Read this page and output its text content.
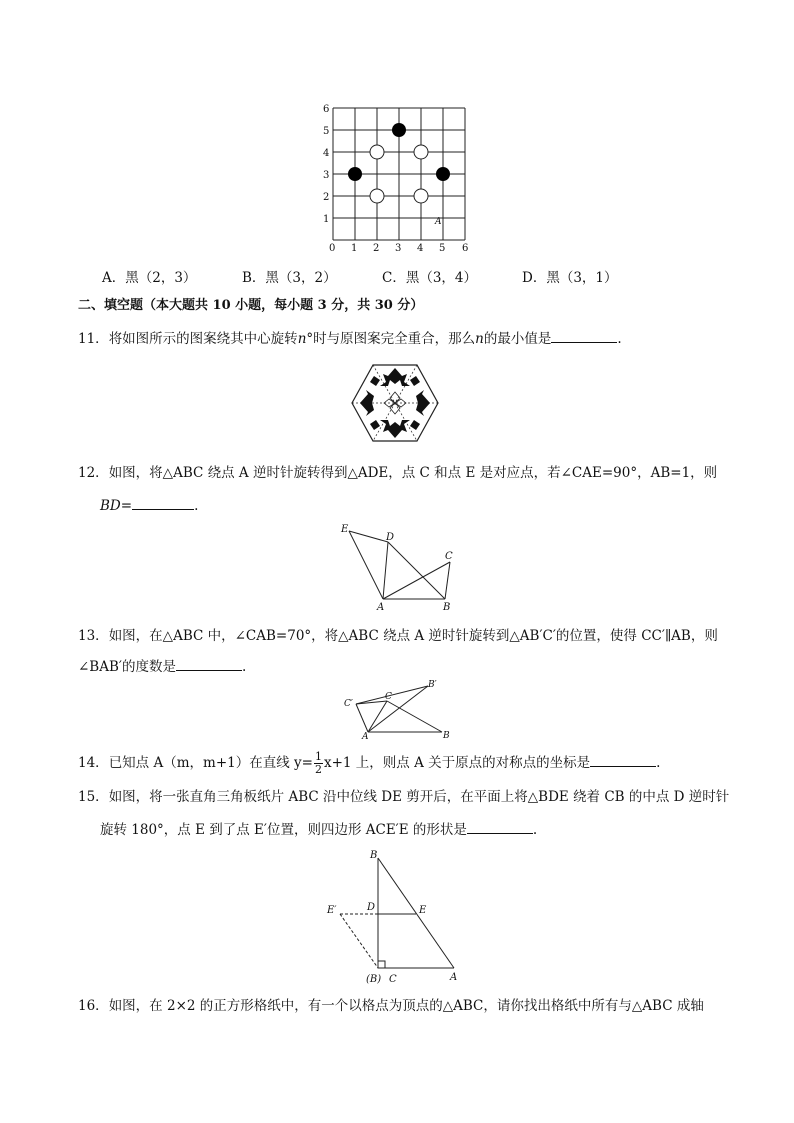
0 1 2 3 4 5 6
1
2
3
4
5
6
A
A．黑（2，3）	B．黑（3，2）	C．黑（3，4）	D．黑（3，1）
二、填空题（本大题共 10 小题，每小题 3 分，共 30 分）
11．将如图所示的图案绕其中心旋转n°时与原图案完全重合，那么n的最小值是	.
12．如图，将△ABC 绕点 A 逆时针旋转得到△ADE，点 C 和点 E 是对应点，若∠CAE=90°，AB=1，则
BD=	.
E
D
C
A	B
13．如图，在△ABC 中，∠CAB=70°，将△ABC 绕点 A 逆时针旋转到△AB′C′的位置，使得 CC′∥AB，则
∠BAB′的度数是	.
C′
C
B′
A	B
14．已知点 A（m，m+1）在直线 $y= \frac{1}{2} x+1$ 上，则点 A 关于原点的对称点的坐标是	.
15．如图，将一张直角三角板纸片 ABC 沿中位线 DE 剪开后，在平面上将△BDE 绕着 CB 的中点 D 逆时针
旋转 180°，点 E 到了点 E′位置，则四边形 ACE′E 的形状是	.
B
D	E
E′
(B) C	A
16．如图，在 2×2 的正方形格纸中，有一个以格点为顶点的△ABC，请你找出格纸中所有与△ABC 成轴
